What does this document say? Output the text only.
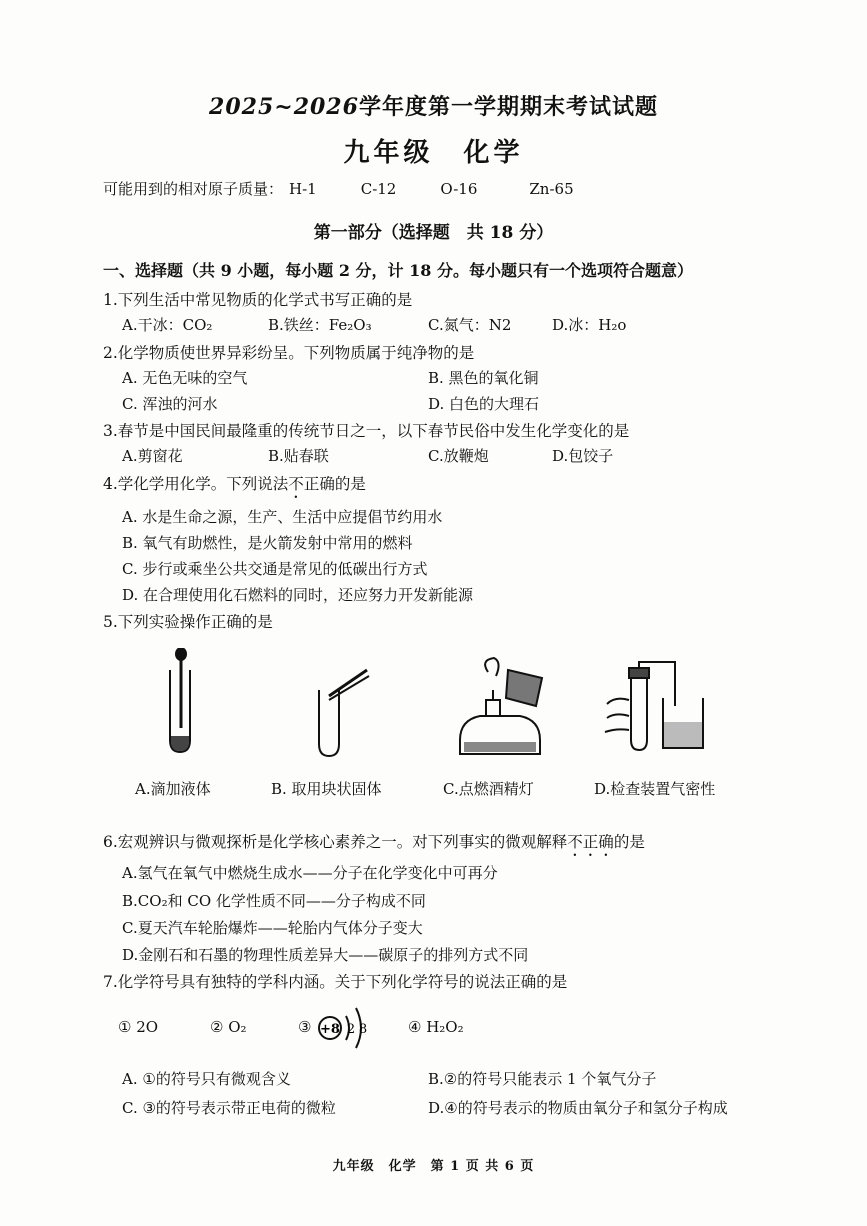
2025~2026学年度第一学期期末考试试题
九年级　化学
可能用到的相对原子质量： H-1	C-12	O-16	Zn-65
第一部分（选择题　共 18 分）
一、选择题（共 9 小题，每小题 2 分，计 18 分。每小题只有一个选项符合题意）
1.下列生活中常见物质的化学式书写正确的是
A.干冰：CO₂	B.铁丝：Fe₂O₃	C.氮气：N2	D.冰：H₂o
2.化学物质使世界异彩纷呈。下列物质属于纯净物的是
A. 无色无味的空气	B. 黑色的氧化铜
C. 浑浊的河水	D. 白色的大理石
3.春节是中国民间最隆重的传统节日之一，以下春节民俗中发生化学变化的是
A.剪窗花	B.贴春联	C.放鞭炮	D.包饺子
4.学化学用化学。下列说法不正确的是
A. 水是生命之源，生产、生活中应提倡节约用水
B. 氧气有助燃性，是火箭发射中常用的燃料
C. 步行或乘坐公共交通是常见的低碳出行方式
D. 在合理使用化石燃料的同时，还应努力开发新能源
5.下列实验操作正确的是
A.滴加液体	B. 取用块状固体	C.点燃酒精灯	D.检查装置气密性
6.宏观辨识与微观探析是化学核心素养之一。对下列事实的微观解释不正确的是
A.氢气在氧气中燃烧生成水——分子在化学变化中可再分
B.CO₂和 CO 化学性质不同——分子构成不同
C.夏天汽车轮胎爆炸——轮胎内气体分子变大
D.金刚石和石墨的物理性质差异大——碳原子的排列方式不同
7.化学符号具有独特的学科内涵。关于下列化学符号的说法正确的是
① 2O	② O₂	③ +8 2 8	④ H₂O₂
A. ①的符号只有微观含义	B.②的符号只能表示 1 个氧气分子
C. ③的符号表示带正电荷的微粒	D.④的符号表示的物质由氧分子和氢分子构成
九年级　化学　第 1 页 共 6 页
